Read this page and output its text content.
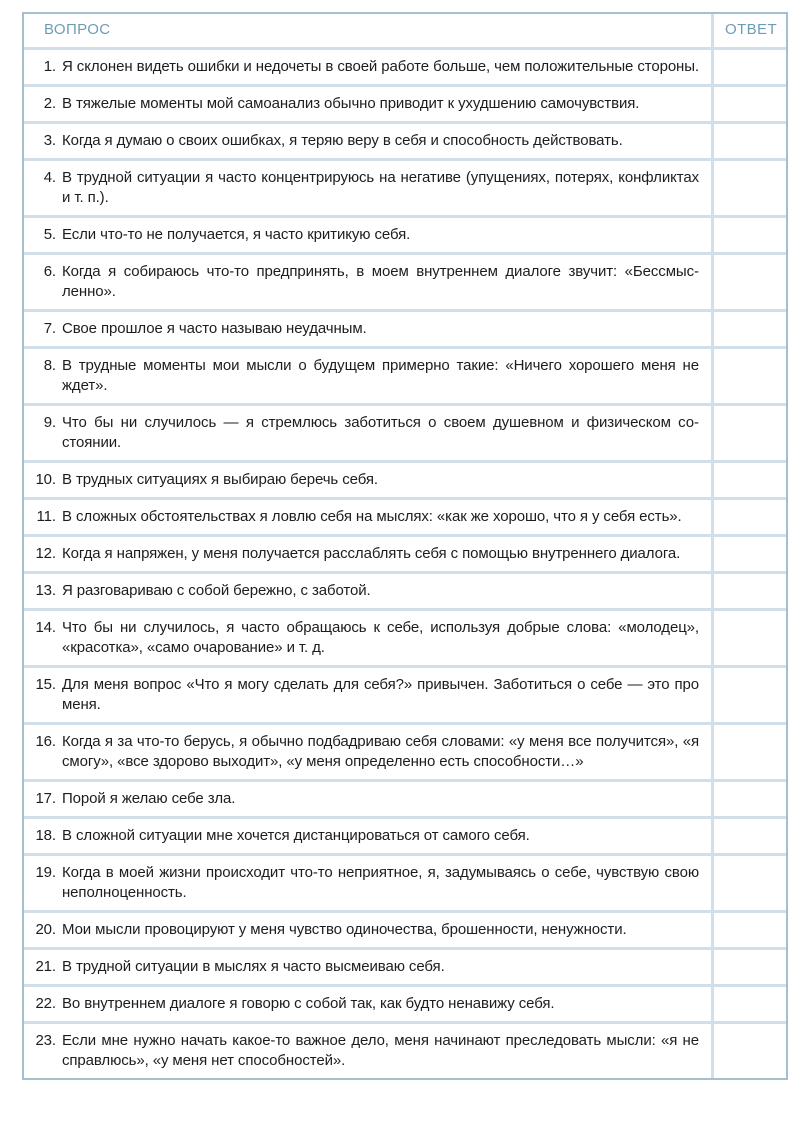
ВОПРОС	ОТВЕТ
1. Я склонен видеть ошибки и недочеты в своей работе больше, чем положительные стороны.
2. В тяжелые моменты мой самоанализ обычно приводит к ухудшению самочувствия.
3. Когда я думаю о своих ошибках, я теряю веру в себя и способность действовать.
4. В трудной ситуации я часто концентрируюсь на негативе (упущениях, потерях, конфликтах и т. п.).
5. Если что-то не получается, я часто критикую себя.
6. Когда я собираюсь что-то предпринять, в моем внутреннем диалоге звучит: «Бессмысленно».
7. Свое прошлое я часто называю неудачным.
8. В трудные моменты мои мысли о будущем примерно такие: «Ничего хорошего меня не ждет».
9. Что бы ни случилось — я стремлюсь заботиться о своем душевном и физическом состоянии.
10. В трудных ситуациях я выбираю беречь себя.
11. В сложных обстоятельствах я ловлю себя на мыслях: «как же хорошо, что я у себя есть».
12. Когда я напряжен, у меня получается расслаблять себя с помощью внутреннего диалога.
13. Я разговариваю с собой бережно, с заботой.
14. Что бы ни случилось, я часто обращаюсь к себе, используя добрые слова: «молодец», «красотка», «само очарование» и т. д.
15. Для меня вопрос «Что я могу сделать для себя?» привычен. Заботиться о себе — это про меня.
16. Когда я за что-то берусь, я обычно подбадриваю себя словами: «у меня все получится», «я смогу», «все здорово выходит», «у меня определенно есть способности…»
17. Порой я желаю себе зла.
18. В сложной ситуации мне хочется дистанцироваться от самого себя.
19. Когда в моей жизни происходит что-то неприятное, я, задумываясь о себе, чувствую свою неполноценность.
20. Мои мысли провоцируют у меня чувство одиночества, брошенности, ненужности.
21. В трудной ситуации в мыслях я часто высмеиваю себя.
22. Во внутреннем диалоге я говорю с собой так, как будто ненавижу себя.
23. Если мне нужно начать какое-то важное дело, меня начинают преследовать мысли: «я не справлюсь», «у меня нет способностей».
